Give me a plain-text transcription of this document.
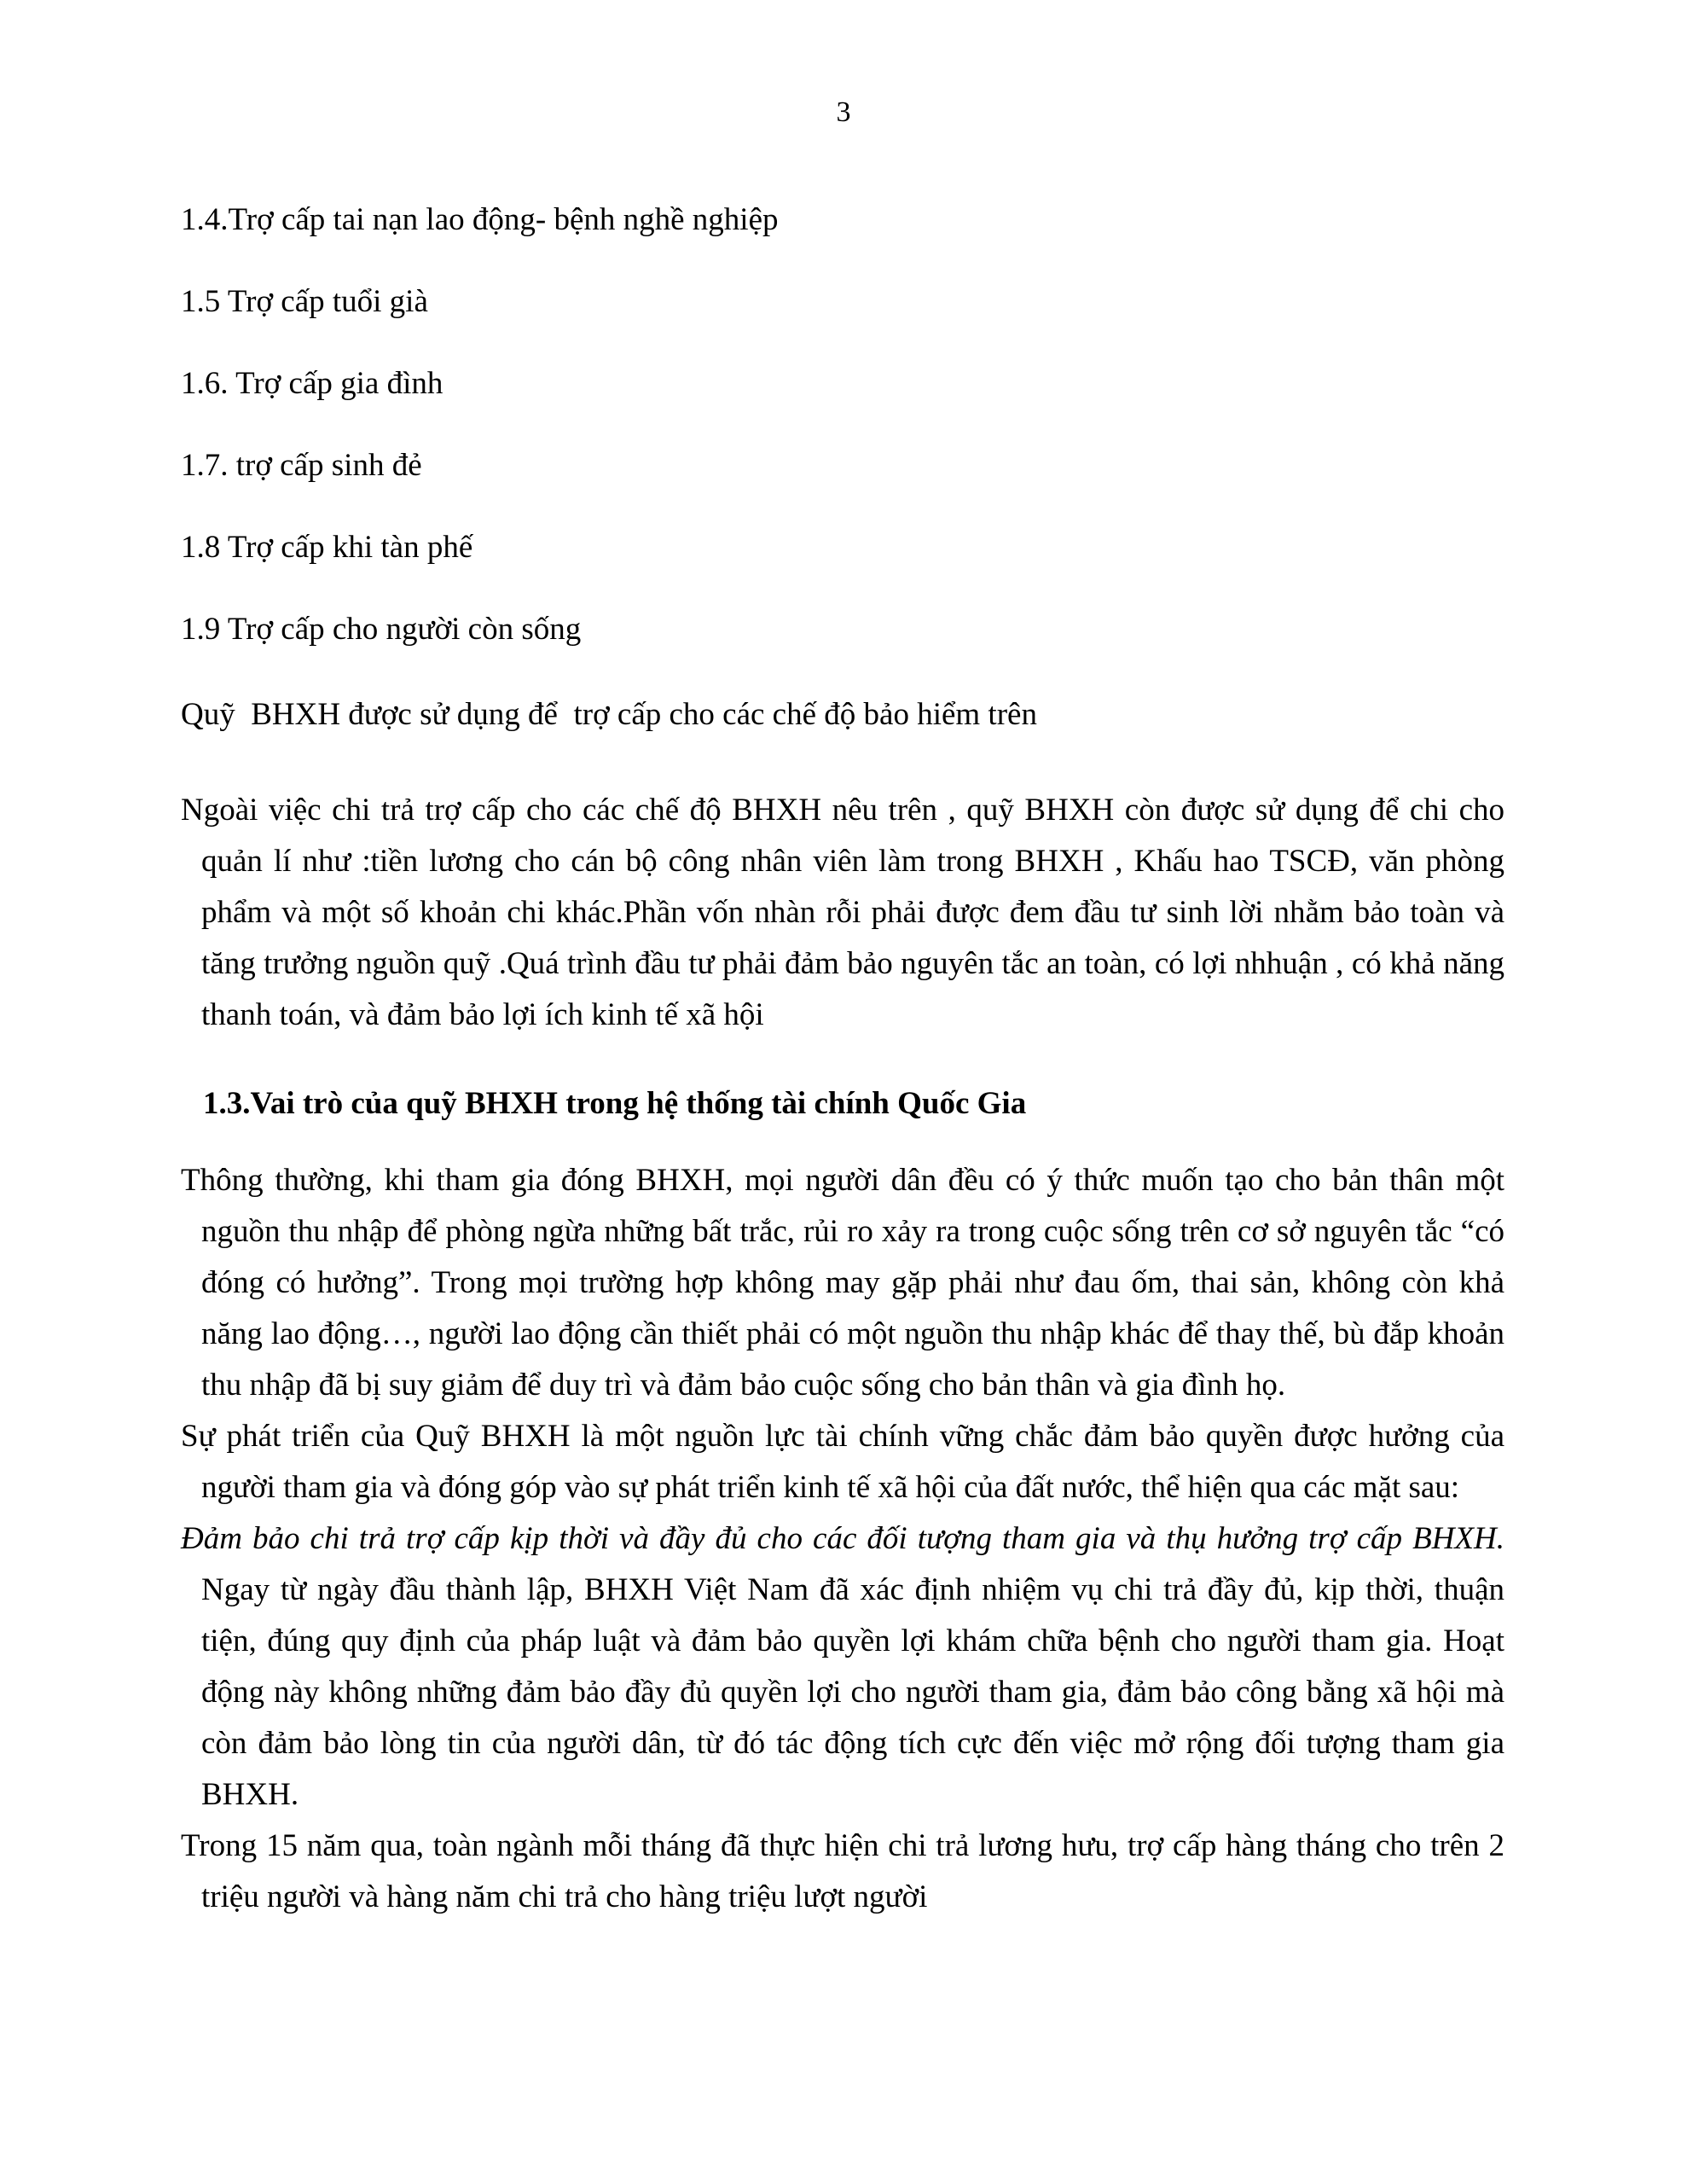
3
1.4.Trợ cấp tai nạn lao động- bệnh nghề nghiệp
1.5 Trợ cấp tuổi già
1.6. Trợ cấp gia đình
1.7. trợ cấp sinh đẻ
1.8 Trợ cấp khi tàn phế
1.9 Trợ cấp cho người còn sống
Quỹ  BHXH được sử dụng để  trợ cấp cho các chế độ bảo hiểm trên

Ngoài việc chi trả trợ cấp cho các chế độ BHXH nêu trên , quỹ BHXH còn được sử dụng để chi cho quản lí như :tiền lương cho cán bộ công nhân viên làm trong BHXH , Khấu hao TSCĐ, văn phòng phẩm và một số khoản chi khác.Phần vốn nhàn rỗi phải được đem đầu tư sinh lời nhằm bảo toàn và tăng trưởng nguồn quỹ .Quá trình đầu tư phải đảm bảo nguyên tắc an toàn, có lợi nhhuận , có khả năng thanh toán, và đảm bảo lợi ích kinh tế xã hội

1.3.Vai trò của quỹ BHXH trong hệ thống tài chính Quốc Gia

Thông thường, khi tham gia đóng BHXH, mọi người dân đều có ý thức muốn tạo cho bản thân một nguồn thu nhập để phòng ngừa những bất trắc, rủi ro xảy ra trong cuộc sống trên cơ sở nguyên tắc “có đóng có hưởng”. Trong mọi trường hợp không may gặp phải như đau ốm, thai sản, không còn khả năng lao động…, người lao động cần thiết phải có một nguồn thu nhập khác để thay thế, bù đắp khoản thu nhập đã bị suy giảm để duy trì và đảm bảo cuộc sống cho bản thân và gia đình họ.

Sự phát triển của Quỹ BHXH là một nguồn lực tài chính vững chắc đảm bảo quyền được hưởng của người tham gia và đóng góp vào sự phát triển kinh tế xã hội của đất nước, thể hiện qua các mặt sau:

Đảm bảo chi trả trợ cấp kịp thời và đầy đủ cho các đối tượng tham gia và thụ hưởng trợ cấp BHXH. Ngay từ ngày đầu thành lập, BHXH Việt Nam đã xác định nhiệm vụ chi trả đầy đủ, kịp thời, thuận tiện, đúng quy định của pháp luật và đảm bảo quyền lợi khám chữa bệnh cho người tham gia. Hoạt động này không những đảm bảo đầy đủ quyền lợi cho người tham gia, đảm bảo công bằng xã hội mà còn đảm bảo lòng tin của người dân, từ đó tác động tích cực đến việc mở rộng đối tượng tham gia BHXH.

Trong 15 năm qua, toàn ngành mỗi tháng đã thực hiện chi trả lương hưu, trợ cấp hàng tháng cho trên 2 triệu người và hàng năm chi trả cho hàng triệu lượt người
